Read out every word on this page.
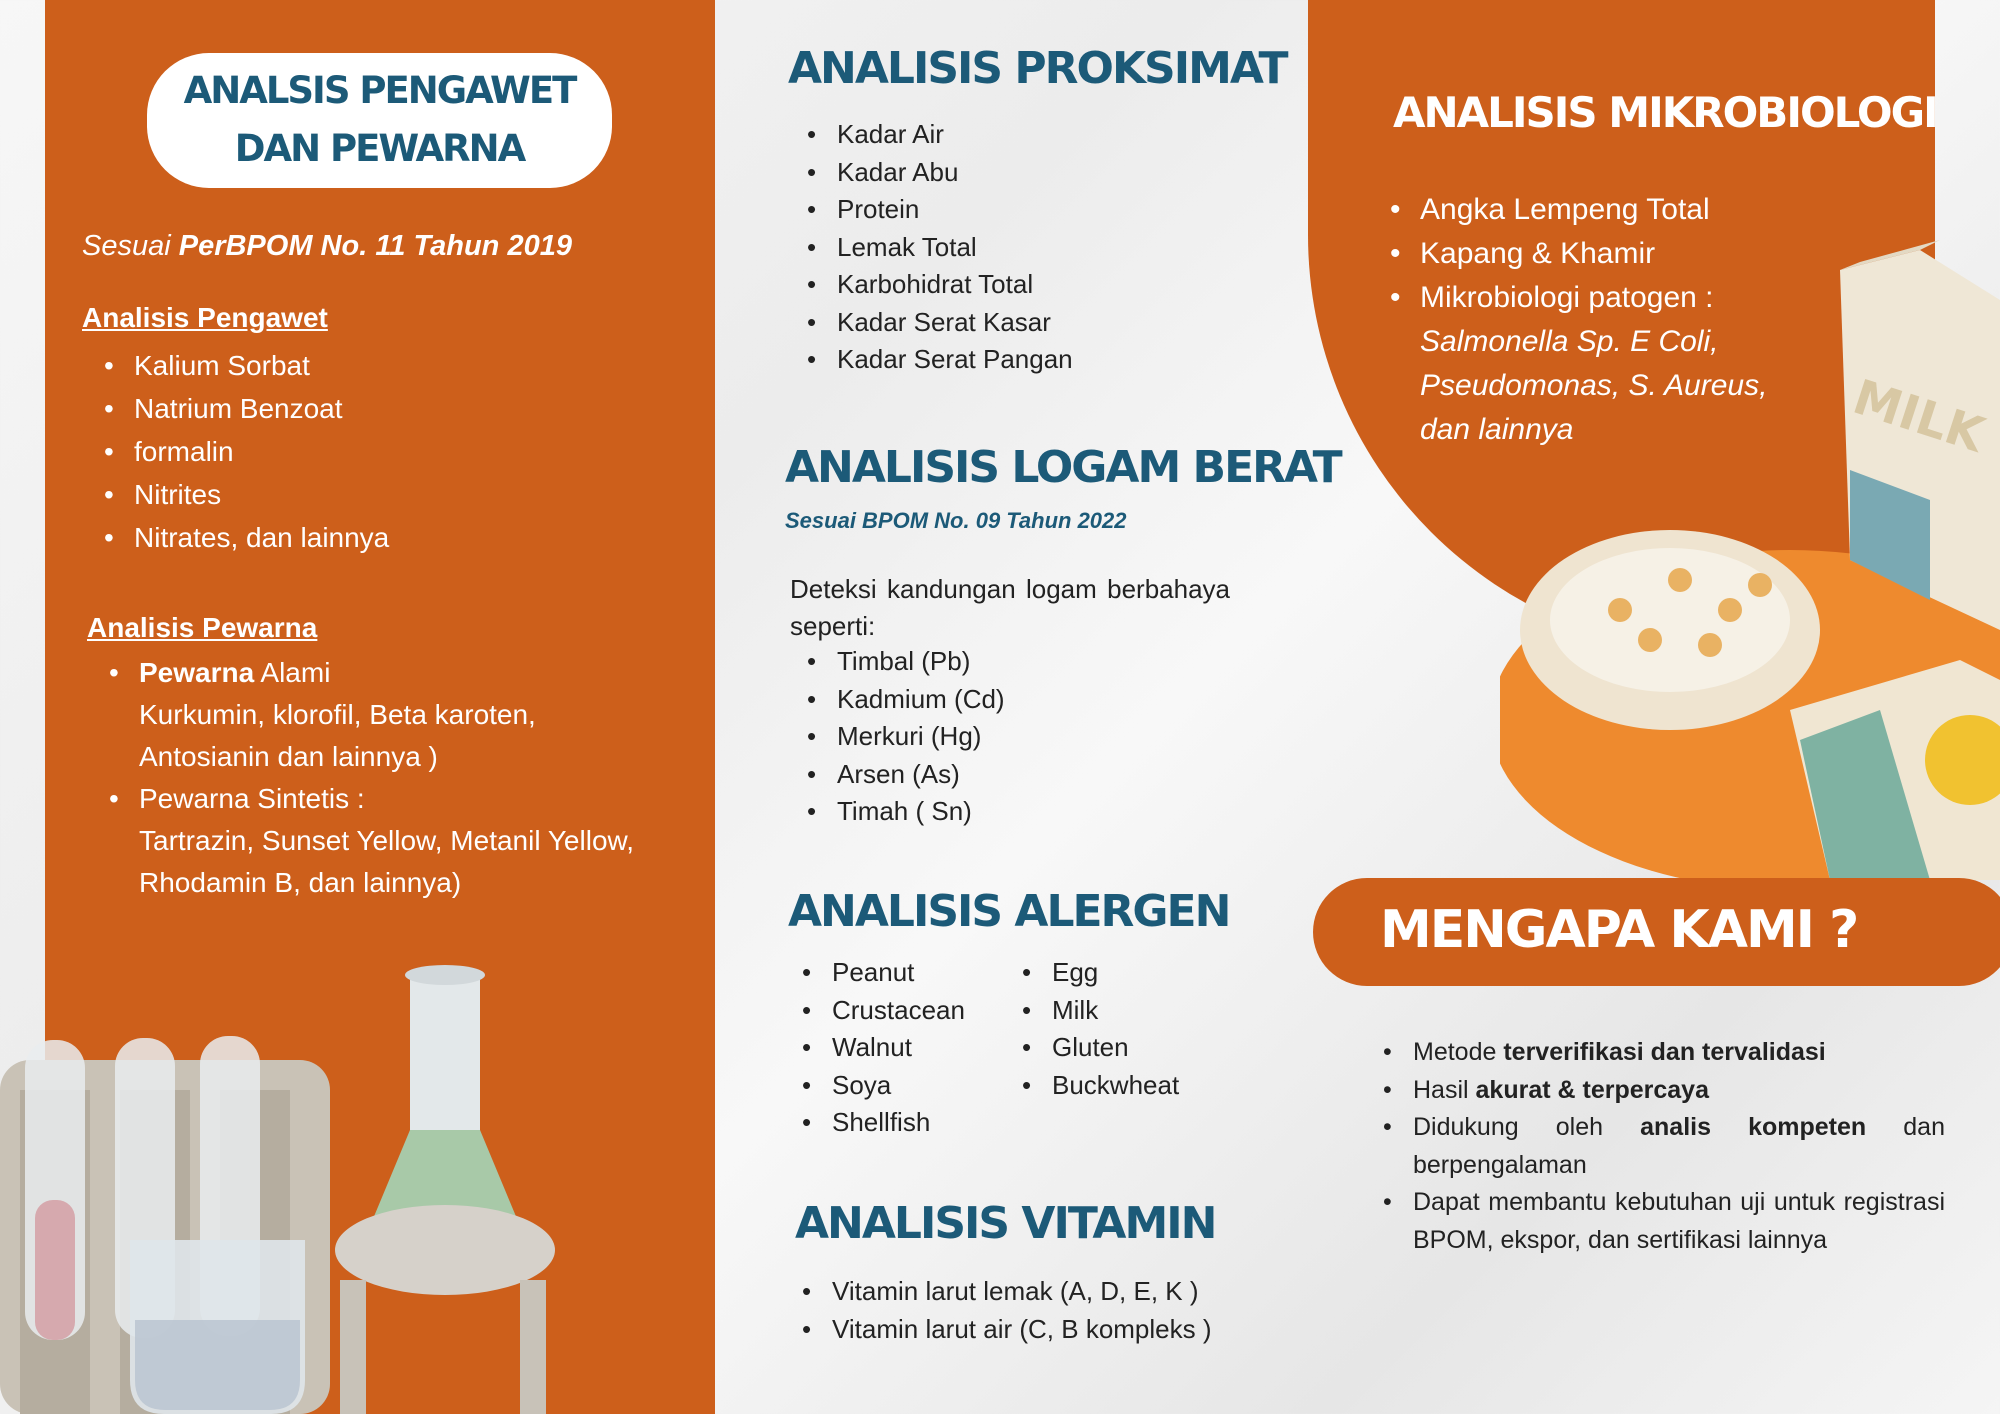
ANALSIS PENGAWET
DAN PEWARNA
Sesuai PerBPOM No. 11 Tahun 2019
Analisis Pengawet
• Kalium Sorbat
• Natrium Benzoat
• formalin
• Nitrites
• Nitrates, dan lainnya
Analisis Pewarna
• Pewarna Alami
Kurkumin, klorofil, Beta karoten, Antosianin dan lainnya )
• Pewarna Sintetis :
Tartrazin, Sunset Yellow, Metanil Yellow, Rhodamin B, dan lainnya)
ANALISIS PROKSIMAT
• Kadar Air
• Kadar Abu
• Protein
• Lemak Total
• Karbohidrat Total
• Kadar Serat Kasar
• Kadar Serat Pangan
ANALISIS LOGAM BERAT
Sesuai BPOM No. 09 Tahun 2022
Deteksi kandungan logam berbahaya seperti:
• Timbal (Pb)
• Kadmium (Cd)
• Merkuri (Hg)
• Arsen (As)
• Timah ( Sn)
ANALISIS ALERGEN
• Peanut
• Crustacean
• Walnut
• Soya
• Shellfish
• Egg
• Milk
• Gluten
• Buckwheat
ANALISIS VITAMIN
• Vitamin larut lemak (A, D, E, K )
• Vitamin larut air (C, B kompleks )
ANALISIS MIKROBIOLOGI
• Angka Lempeng Total
• Kapang & Khamir
• Mikrobiologi patogen :
Salmonella Sp. E Coli, Pseudomonas, S. Aureus, dan lainnya	MILK
MENGAPA KAMI ?
• Metode terverifikasi dan tervalidasi
• Hasil akurat & terpercaya
• Didukung oleh analis kompeten dan berpengalaman
• Dapat membantu kebutuhan uji untuk registrasi BPOM, ekspor, dan sertifikasi lainnya
